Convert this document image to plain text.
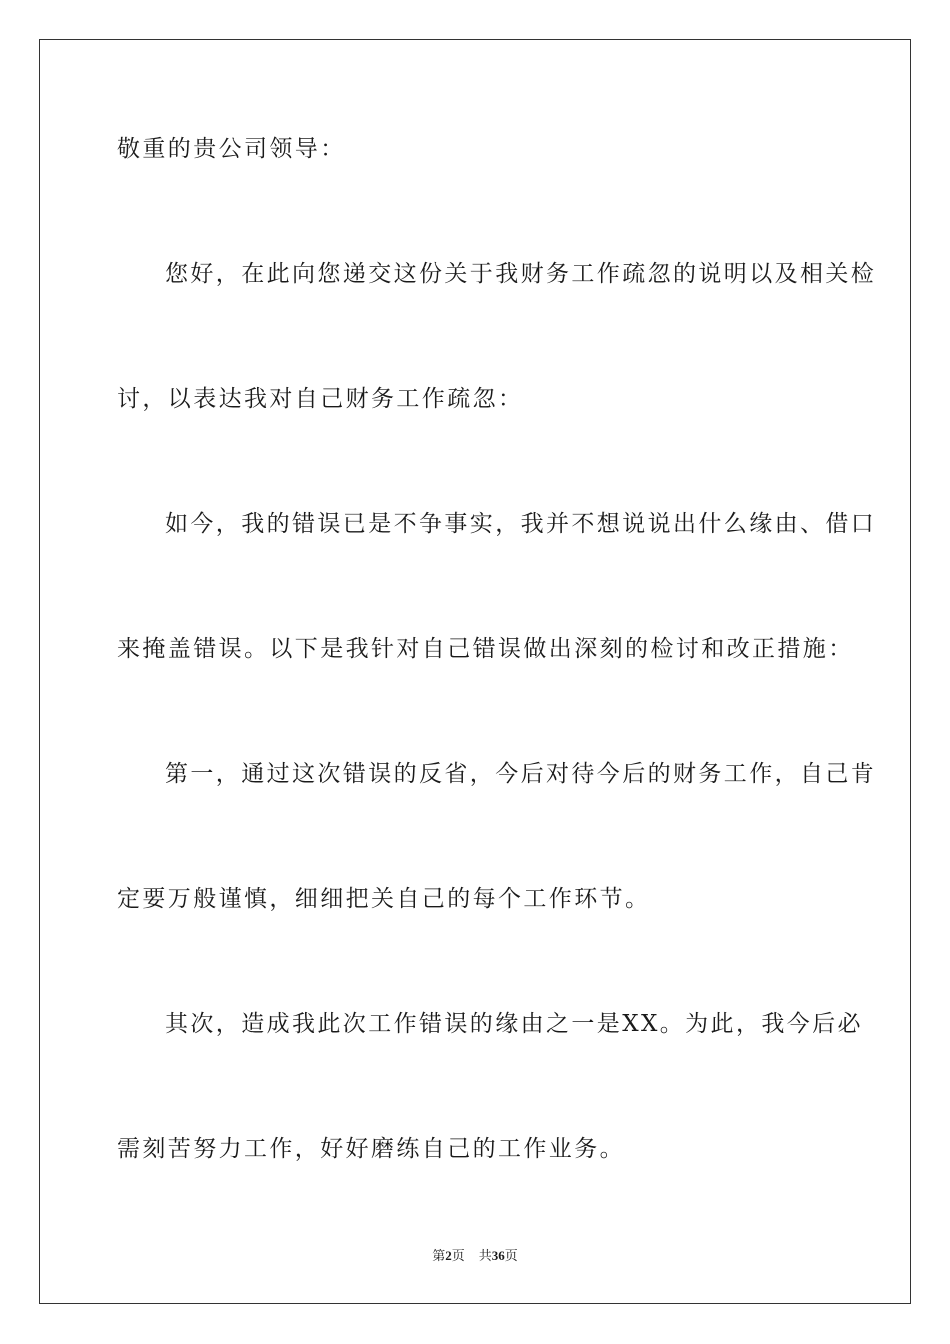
敬重的贵公司领导：
您好，在此向您递交这份关于我财务工作疏忽的说明以及相关检
讨，以表达我对自己财务工作疏忽：
如今，我的错误已是不争事实，我并不想说说出什么缘由、借口
来掩盖错误。以下是我针对自己错误做出深刻的检讨和改正措施：
第一，通过这次错误的反省，今后对待今后的财务工作，自己肯
定要万般谨慎，细细把关自己的每个工作环节。
其次，造成我此次工作错误的缘由之一是XX。为此，我今后必
需刻苦努力工作，好好磨练自己的工作业务。
第2页 共36页
